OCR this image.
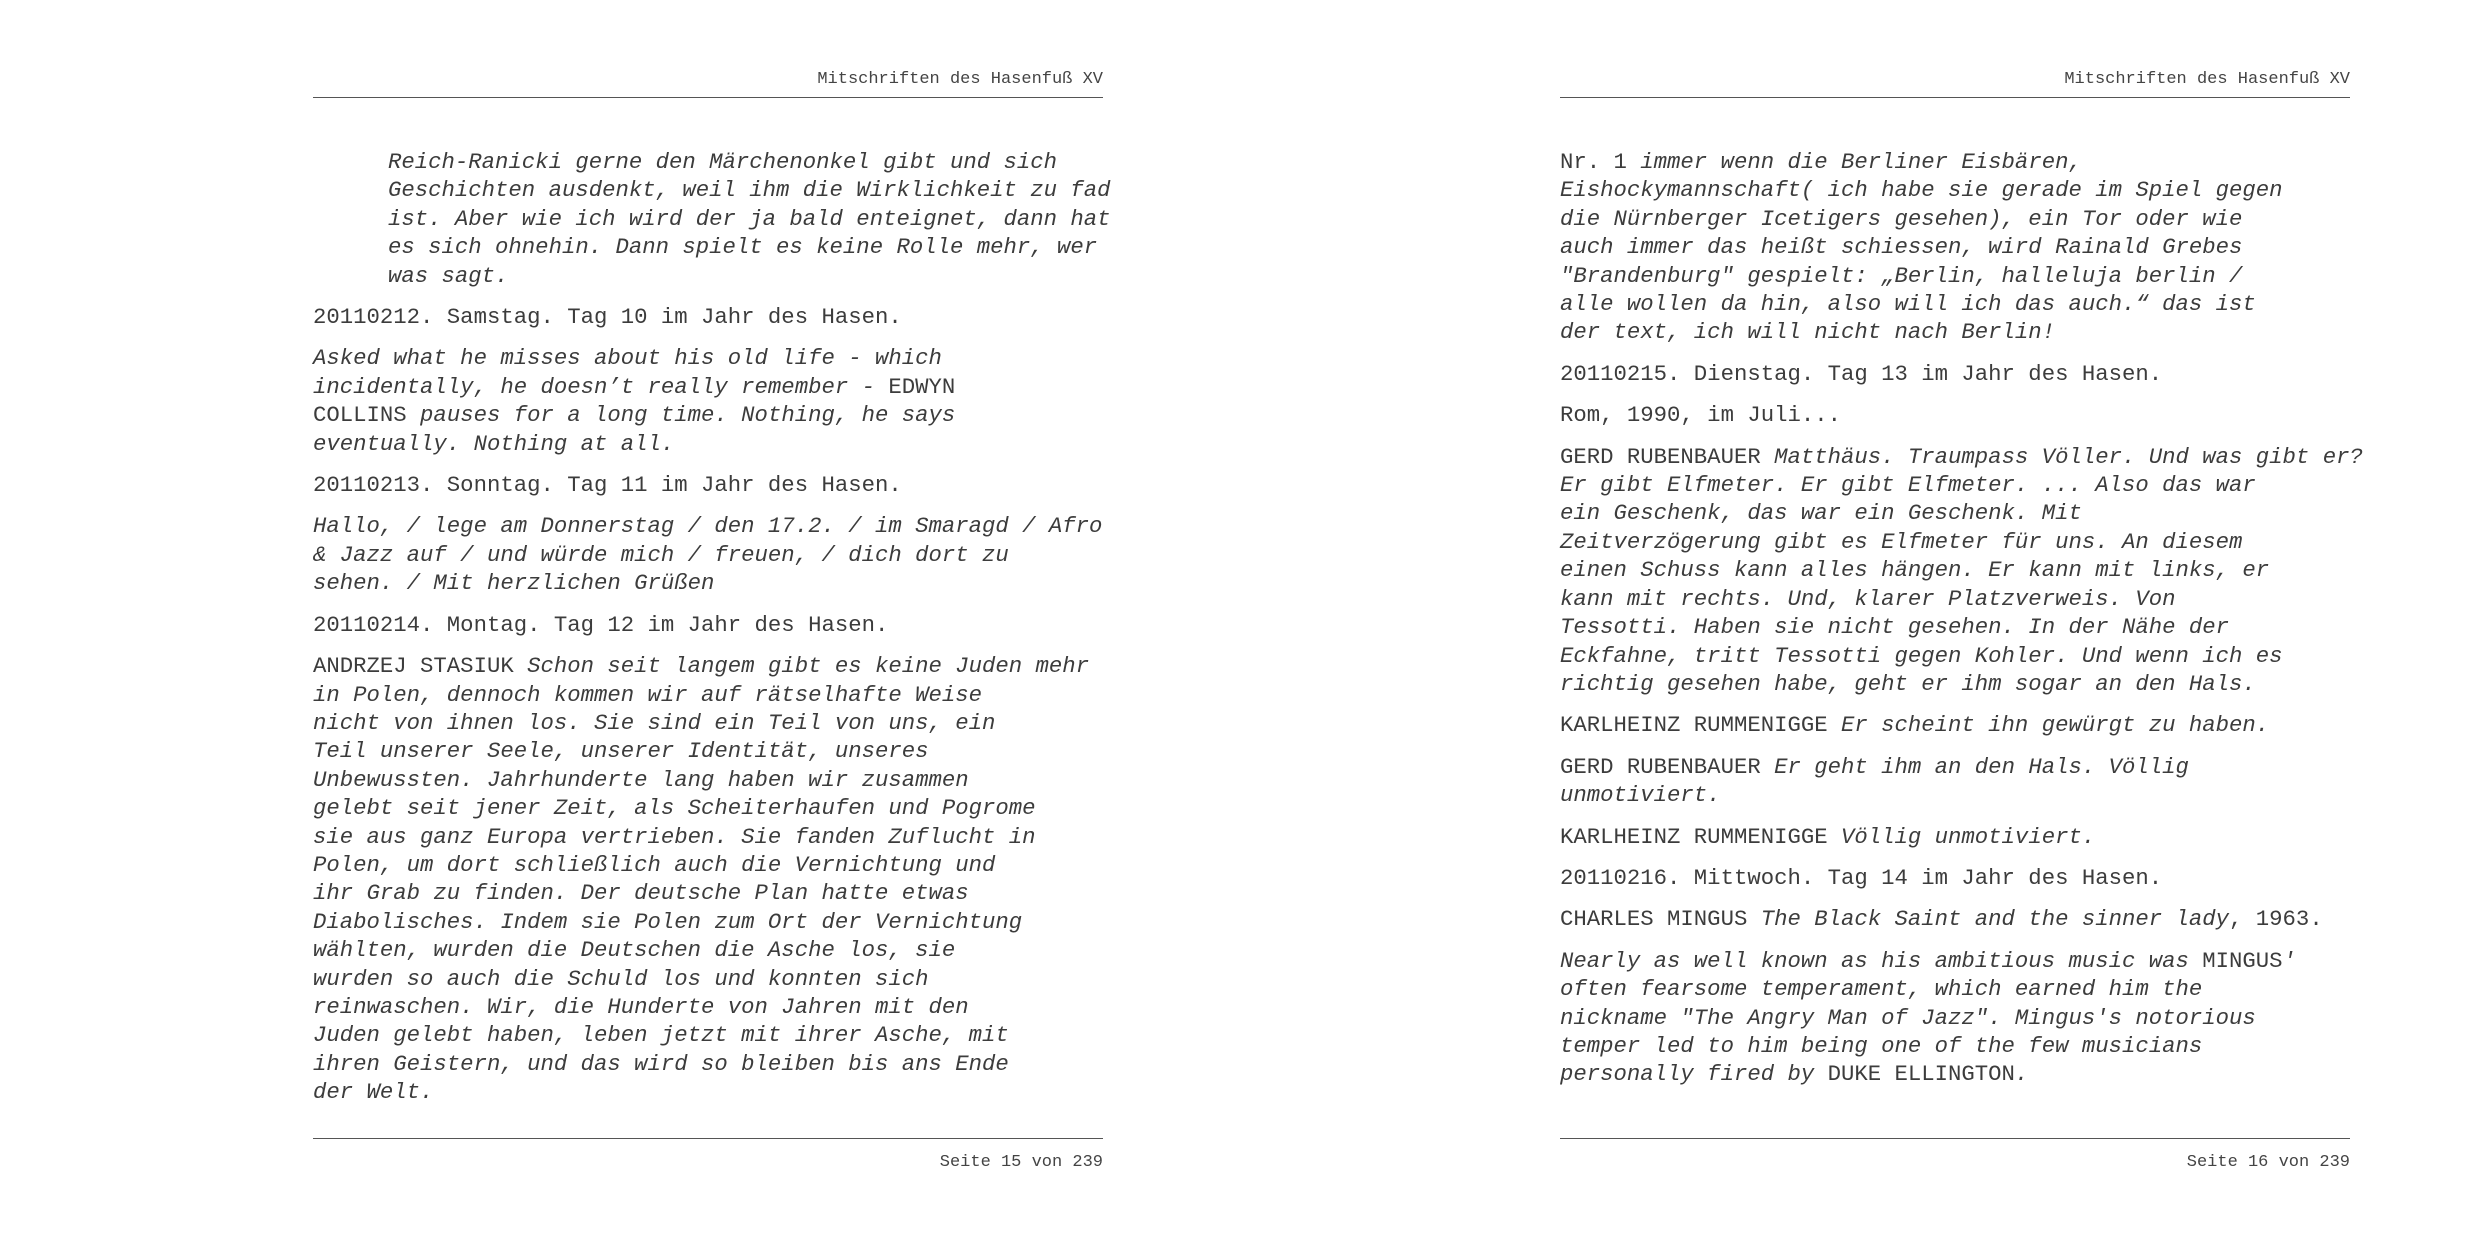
Mitschriften des Hasenfuß XV

Reich-Ranicki gerne den Märchenonkel gibt und sich
Geschichten ausdenkt, weil ihm die Wirklichkeit zu fad
ist. Aber wie ich wird der ja bald enteignet, dann hat
es sich ohnehin. Dann spielt es keine Rolle mehr, wer
was sagt.

20110212. Samstag. Tag 10 im Jahr des Hasen.

Asked what he misses about his old life - which
incidentally, he doesn’t really remember - EDWYN
COLLINS pauses for a long time. Nothing, he says
eventually. Nothing at all.

20110213. Sonntag. Tag 11 im Jahr des Hasen.

Hallo, / lege am Donnerstag / den 17.2. / im Smaragd / Afro
& Jazz auf / und würde mich / freuen, / dich dort zu
sehen. / Mit herzlichen Grüßen

20110214. Montag. Tag 12 im Jahr des Hasen.

ANDRZEJ STASIUK Schon seit langem gibt es keine Juden mehr
in Polen, dennoch kommen wir auf rätselhafte Weise
nicht von ihnen los. Sie sind ein Teil von uns, ein
Teil unserer Seele, unserer Identität, unseres
Unbewussten. Jahrhunderte lang haben wir zusammen
gelebt seit jener Zeit, als Scheiterhaufen und Pogrome
sie aus ganz Europa vertrieben. Sie fanden Zuflucht in
Polen, um dort schließlich auch die Vernichtung und
ihr Grab zu finden. Der deutsche Plan hatte etwas
Diabolisches. Indem sie Polen zum Ort der Vernichtung
wählten, wurden die Deutschen die Asche los, sie
wurden so auch die Schuld los und konnten sich
reinwaschen. Wir, die Hunderte von Jahren mit den
Juden gelebt haben, leben jetzt mit ihrer Asche, mit
ihren Geistern, und das wird so bleiben bis ans Ende
der Welt.

Seite 15 von 239
Mitschriften des Hasenfuß XV

Nr. 1 immer wenn die Berliner Eisbären,
Eishockymannschaft( ich habe sie gerade im Spiel gegen
die Nürnberger Icetigers gesehen), ein Tor oder wie
auch immer das heißt schiessen, wird Rainald Grebes
"Brandenburg" gespielt: „Berlin, halleluja berlin /
alle wollen da hin, also will ich das auch.“ das ist
der text, ich will nicht nach Berlin!

20110215. Dienstag. Tag 13 im Jahr des Hasen.

Rom, 1990, im Juli...

GERD RUBENBAUER Matthäus. Traumpass Völler. Und was gibt er?
Er gibt Elfmeter. Er gibt Elfmeter. ... Also das war
ein Geschenk, das war ein Geschenk. Mit
Zeitverzögerung gibt es Elfmeter für uns. An diesem
einen Schuss kann alles hängen. Er kann mit links, er
kann mit rechts. Und, klarer Platzverweis. Von
Tessotti. Haben sie nicht gesehen. In der Nähe der
Eckfahne, tritt Tessotti gegen Kohler. Und wenn ich es
richtig gesehen habe, geht er ihm sogar an den Hals.

KARLHEINZ RUMMENIGGE Er scheint ihn gewürgt zu haben.

GERD RUBENBAUER Er geht ihm an den Hals. Völlig
unmotiviert.

KARLHEINZ RUMMENIGGE Völlig unmotiviert.

20110216. Mittwoch. Tag 14 im Jahr des Hasen.

CHARLES MINGUS The Black Saint and the sinner lady, 1963.

Nearly as well known as his ambitious music was MINGUS'
often fearsome temperament, which earned him the
nickname "The Angry Man of Jazz". Mingus's notorious
temper led to him being one of the few musicians
personally fired by DUKE ELLINGTON.

Seite 16 von 239
